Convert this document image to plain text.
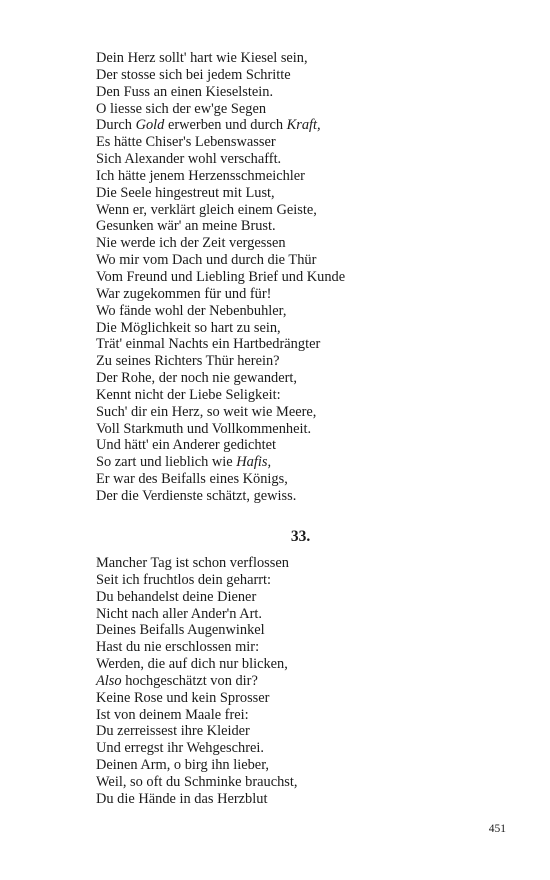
Dein Herz sollt' hart wie Kiesel sein,
Der stosse sich bei jedem Schritte
Den Fuss an einen Kieselstein.
O liesse sich der ew'ge Segen
Durch Gold erwerben und durch Kraft,
Es hätte Chiser's Lebenswasser
Sich Alexander wohl verschafft.
Ich hätte jenem Herzensschmeichler
Die Seele hingestreut mit Lust,
Wenn er, verklärt gleich einem Geiste,
Gesunken wär' an meine Brust.
Nie werde ich der Zeit vergessen
Wo mir vom Dach und durch die Thür
Vom Freund und Liebling Brief und Kunde
War zugekommen für und für!
Wo fände wohl der Nebenbuhler,
Die Möglichkeit so hart zu sein,
Trät' einmal Nachts ein Hartbedrängter
Zu seines Richters Thür herein?
Der Rohe, der noch nie gewandert,
Kennt nicht der Liebe Seligkeit:
Such' dir ein Herz, so weit wie Meere,
Voll Starkmuth und Vollkommenheit.
Und hätt' ein Anderer gedichtet
So zart und lieblich wie Hafis,
Er war des Beifalls eines Königs,
Der die Verdienste schätzt, gewiss.
33.
Mancher Tag ist schon verflossen
Seit ich fruchtlos dein geharrt:
Du behandelst deine Diener
Nicht nach aller Ander'n Art.
Deines Beifalls Augenwinkel
Hast du nie erschlossen mir:
Werden, die auf dich nur blicken,
Also hochgeschätzt von dir?
Keine Rose und kein Sprosser
Ist von deinem Maale frei:
Du zerreissest ihre Kleider
Und erregst ihr Wehgeschrei.
Deinen Arm, o birg ihn lieber,
Weil, so oft du Schminke brauchst,
Du die Hände in das Herzblut
451
